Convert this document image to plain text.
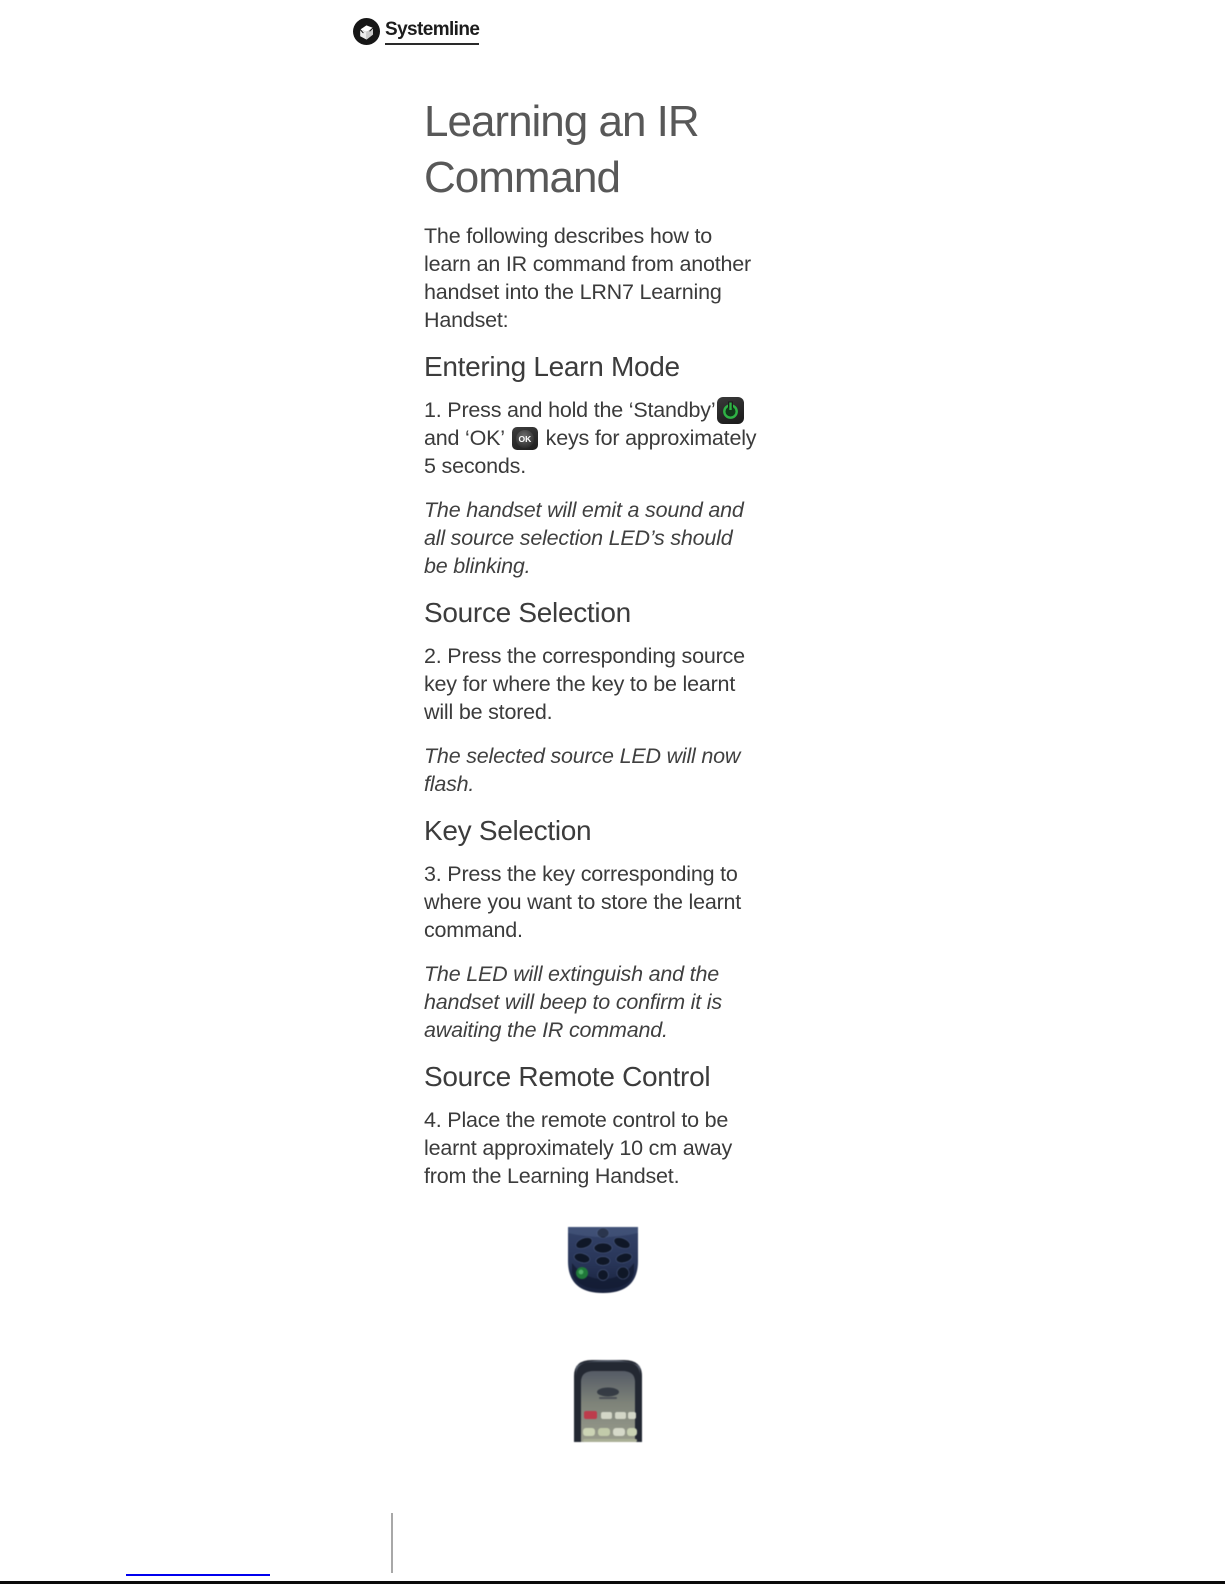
Systemline
Learning an IR
Command

The following describes how to
learn an IR command from another
handset into the LRN7 Learning
Handset:

Entering Learn Mode

1. Press and hold the ‘Standby’
and ‘OK’	OK keys for approximately
5 seconds.

The handset will emit a sound and
all source selection LED’s should
be blinking.

Source Selection

2. Press the corresponding source
key for where the key to be learnt
will be stored.

The selected source LED will now
flash.

Key Selection

3. Press the key corresponding to
where you want to store the learnt
command.

The LED will extinguish and the
handset will beep to confirm it is
awaiting the IR command.

Source Remote Control

4. Place the remote control to be
learnt approximately 10 cm away
from the Learning Handset.
